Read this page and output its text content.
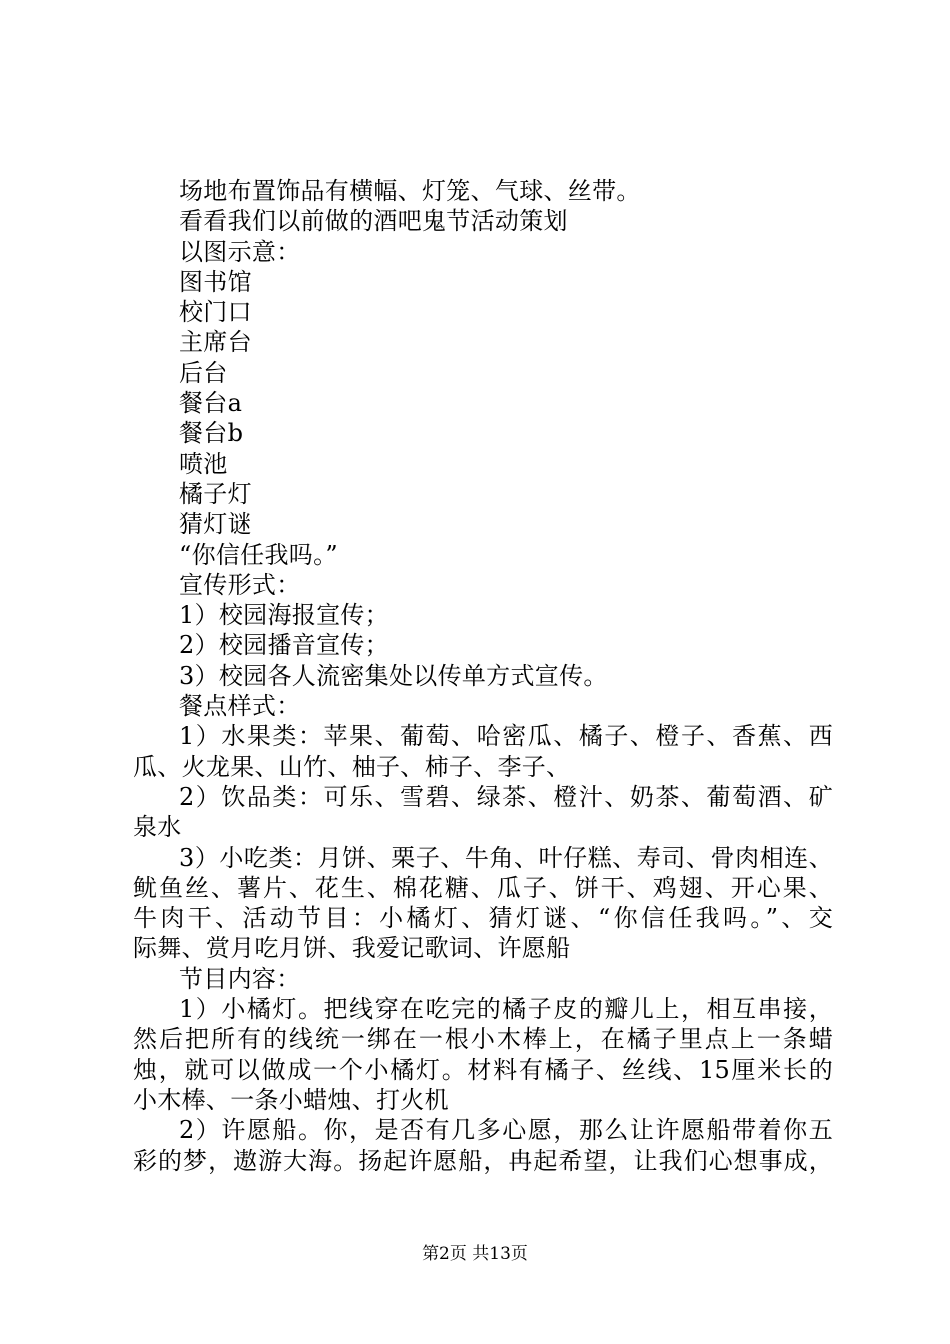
场地布置饰品有横幅、灯笼、气球、丝带。
看看我们以前做的酒吧鬼节活动策划
以图示意：
图书馆
校门口
主席台
后台
餐台a
餐台b
喷池
橘子灯
猜灯谜
“你信任我吗。”
宣传形式：
1）校园海报宣传；
2）校园播音宣传；
3）校园各人流密集处以传单方式宣传。
餐点样式：
1）水果类：苹果、葡萄、哈密瓜、橘子、橙子、香蕉、西
瓜、火龙果、山竹、柚子、柿子、李子、
2）饮品类：可乐、雪碧、绿茶、橙汁、奶茶、葡萄酒、矿
泉水
3）小吃类：月饼、栗子、牛角、叶仔糕、寿司、骨肉相连、
鱿鱼丝、薯片、花生、棉花糖、瓜子、饼干、鸡翅、开心果、
牛肉干、活动节目：小橘灯、猜灯谜、“你信任我吗。”、交
际舞、赏月吃月饼、我爱记歌词、许愿船
节目内容：
1）小橘灯。把线穿在吃完的橘子皮的瓣儿上，相互串接，
然后把所有的线统一绑在一根小木棒上，在橘子里点上一条蜡
烛，就可以做成一个小橘灯。材料有橘子、丝线、15厘米长的
小木棒、一条小蜡烛、打火机
2）许愿船。你，是否有几多心愿，那么让许愿船带着你五
彩的梦，遨游大海。扬起许愿船，冉起希望，让我们心想事成，
第2页 共13页
